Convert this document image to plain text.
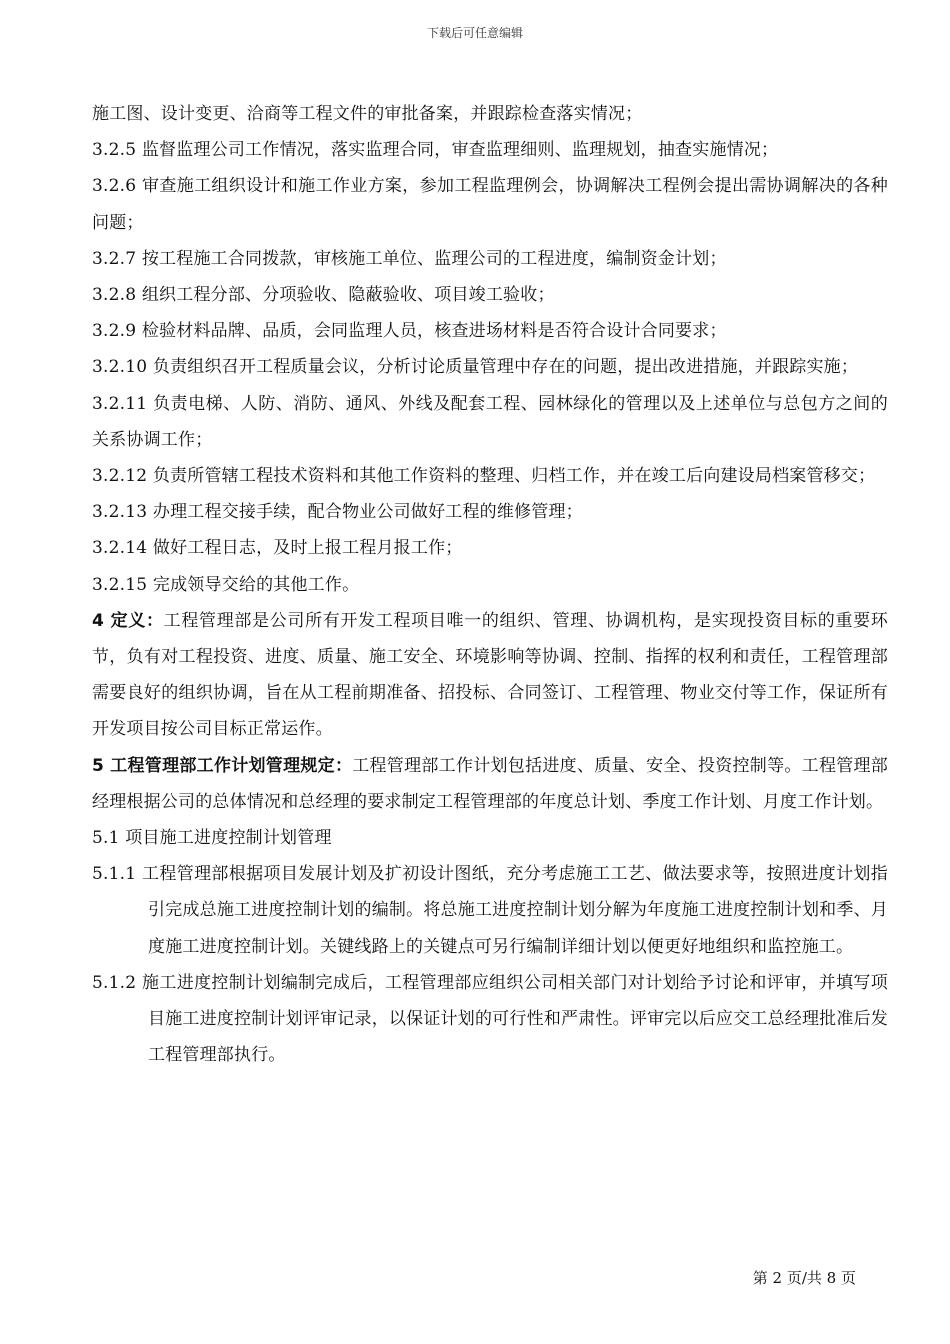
下载后可任意编辑

施工图、设计变更、洽商等工程文件的审批备案，并跟踪检查落实情况；

3.2.5 监督监理公司工作情况，落实监理合同，审查监理细则、监理规划，抽查实施情况；

3.2.6 审查施工组织设计和施工作业方案，参加工程监理例会，协调解决工程例会提出需协调解决的各种问题；

3.2.7 按工程施工合同拨款，审核施工单位、监理公司的工程进度，编制资金计划；

3.2.8 组织工程分部、分项验收、隐蔽验收、项目竣工验收；

3.2.9 检验材料品牌、品质，会同监理人员，核查进场材料是否符合设计合同要求；

3.2.10 负责组织召开工程质量会议，分析讨论质量管理中存在的问题，提出改进措施，并跟踪实施；

3.2.11 负责电梯、人防、消防、通风、外线及配套工程、园林绿化的管理以及上述单位与总包方之间的关系协调工作；

3.2.12 负责所管辖工程技术资料和其他工作资料的整理、归档工作，并在竣工后向建设局档案管移交；

3.2.13 办理工程交接手续，配合物业公司做好工程的维修管理；

3.2.14 做好工程日志，及时上报工程月报工作；

3.2.15 完成领导交给的其他工作。

4 定义：工程管理部是公司所有开发工程项目唯一的组织、管理、协调机构，是实现投资目标的重要环节，负有对工程投资、进度、质量、施工安全、环境影响等协调、控制、指挥的权利和责任，工程管理部需要良好的组织协调，旨在从工程前期准备、招投标、合同签订、工程管理、物业交付等工作，保证所有开发项目按公司目标正常运作。

5 工程管理部工作计划管理规定：工程管理部工作计划包括进度、质量、安全、投资控制等。工程管理部经理根据公司的总体情况和总经理的要求制定工程管理部的年度总计划、季度工作计划、月度工作计划。

5.1 项目施工进度控制计划管理

5.1.1 工程管理部根据项目发展计划及扩初设计图纸，充分考虑施工工艺、做法要求等，按照进度计划指引完成总施工进度控制计划的编制。将总施工进度控制计划分解为年度施工进度控制计划和季、月度施工进度控制计划。关键线路上的关键点可另行编制详细计划以便更好地组织和监控施工。

5.1.2 施工进度控制计划编制完成后，工程管理部应组织公司相关部门对计划给予讨论和评审，并填写项目施工进度控制计划评审记录，以保证计划的可行性和严肃性。评审完以后应交工总经理批准后发工程管理部执行。

第 2 页/共 8 页
